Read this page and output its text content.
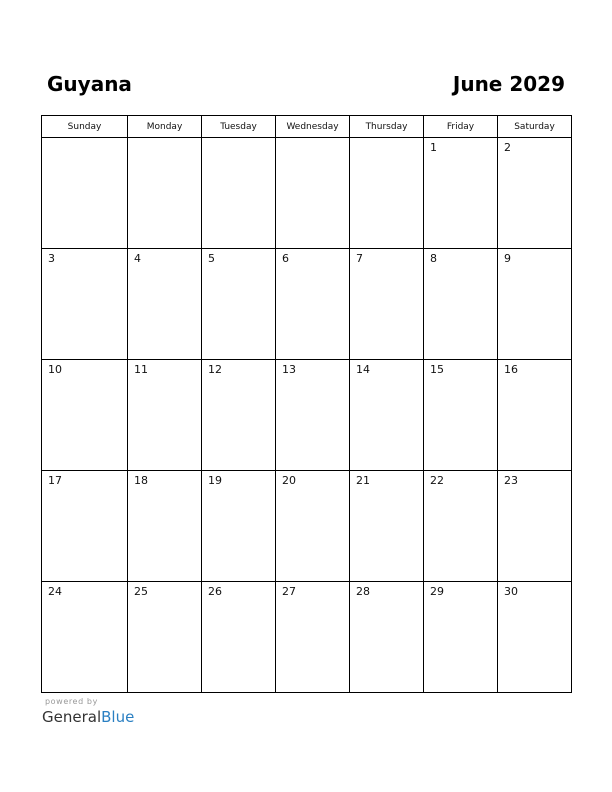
Guyana	June 2029
Sunday	Monday	Tuesday	Wednesday	Thursday	Friday	Saturday

					1	2

3	4	5	6	7	8	9

10	11	12	13	14	15	16

17	18	19	20	21	22	23

24	25	26	27	28	29	30
powered by
GeneralBlue
